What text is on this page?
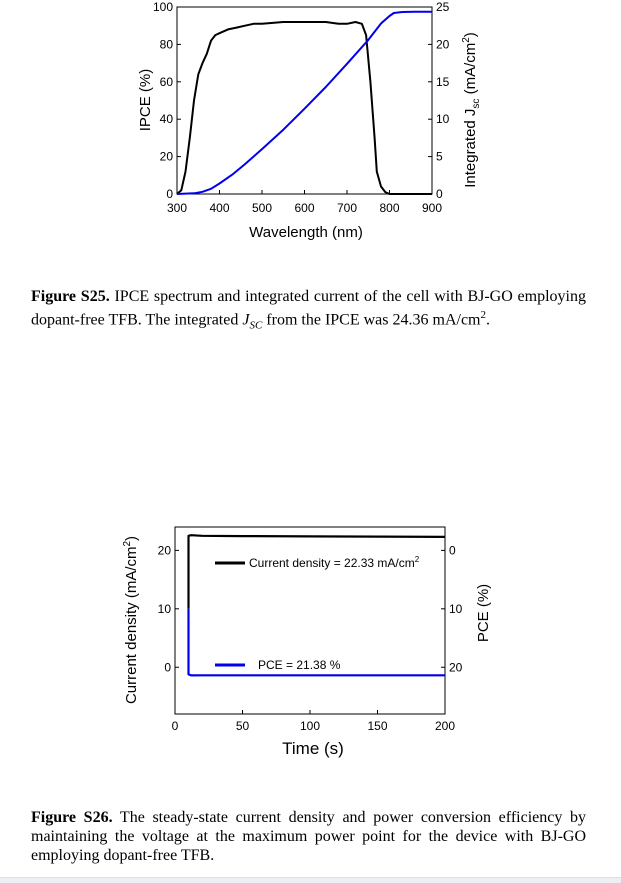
300 400 500 600 700 800 900
0
20
40
60
80
100
0
5
10
15
20
25
Wavelength (nm)
IPCE (%)
Integrated $J_{sc}$ $(mA/cm^2)$
0	50	100	150	200
0
10
20	0
10
20
Current density = 22.33 $mA/cm^2$
PCE = 21.38 %
Time (s)
Current density $(mA/cm^2)$
PCE (%)

Figure S25. IPCE spectrum and integrated current of the cell with BJ-GO employing dopant-free TFB. The integrated $J_{SC}$ from the IPCE was 24.36 $mA/cm^2$.

Figure S26. The steady-state current density and power conversion efficiency by maintaining the voltage at the maximum power point for the device with BJ-GO employing dopant-free TFB.
